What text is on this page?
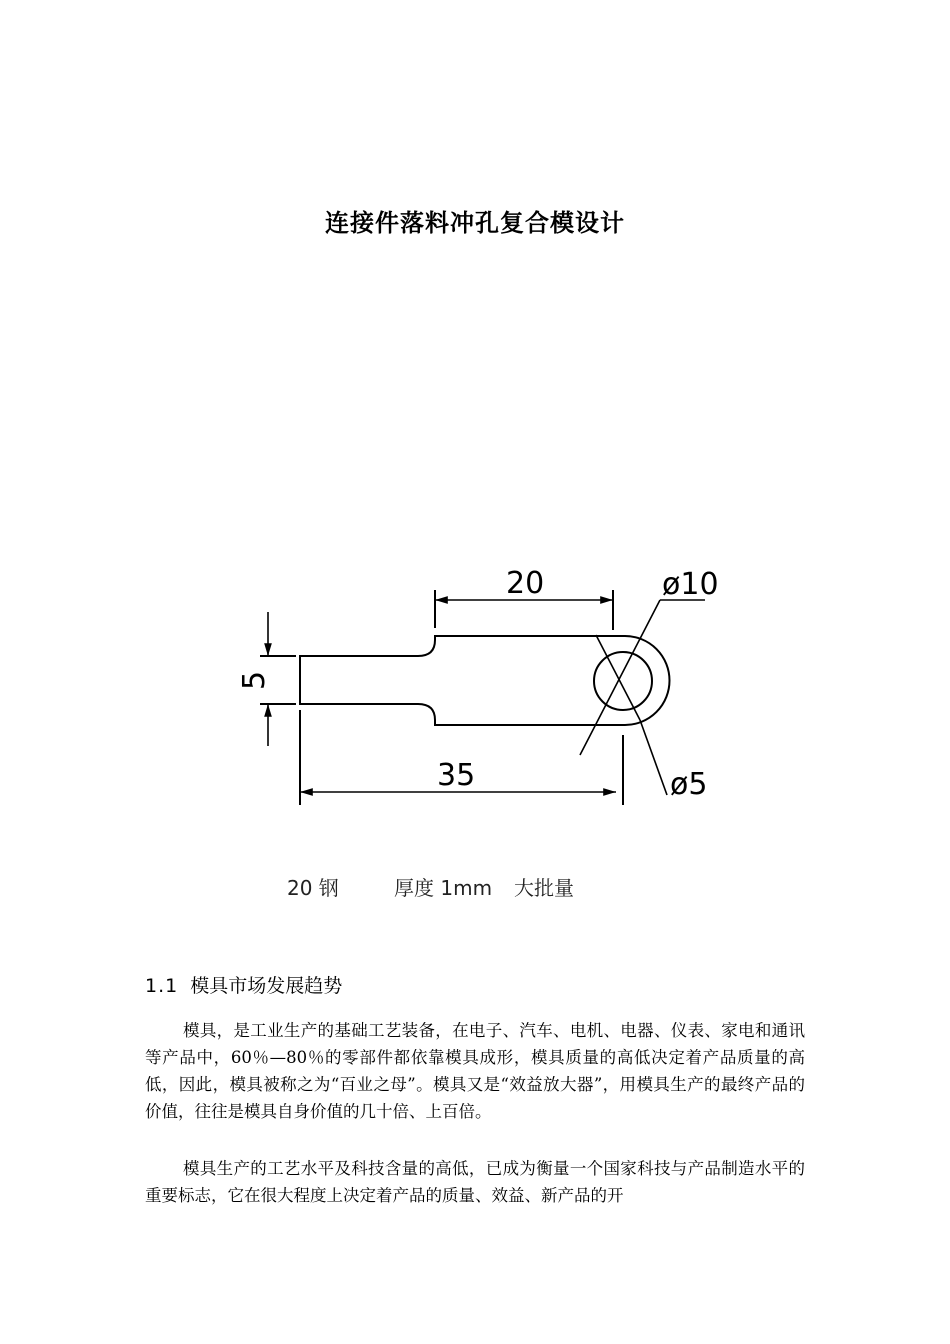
连接件落料冲孔复合模设计
20
35
ø10
ø5
5
20 钢	厚度 1mm 大批量
1.1 模具市场发展趋势

模具，是工业生产的基础工艺装备，在电子、汽车、电机、电器、仪表、家电和通讯等产品中，60％—80％的零部件都依靠模具成形，模具质量的高低决定着产品质量的高低，因此，模具被称之为“百业之母”。模具又是“效益放大器”，用模具生产的最终产品的价值，往往是模具自身价值的几十倍、上百倍。

模具生产的工艺水平及科技含量的高低，已成为衡量一个国家科技与产品制造水平的重要标志，它在很大程度上决定着产品的质量、效益、新产品的开
